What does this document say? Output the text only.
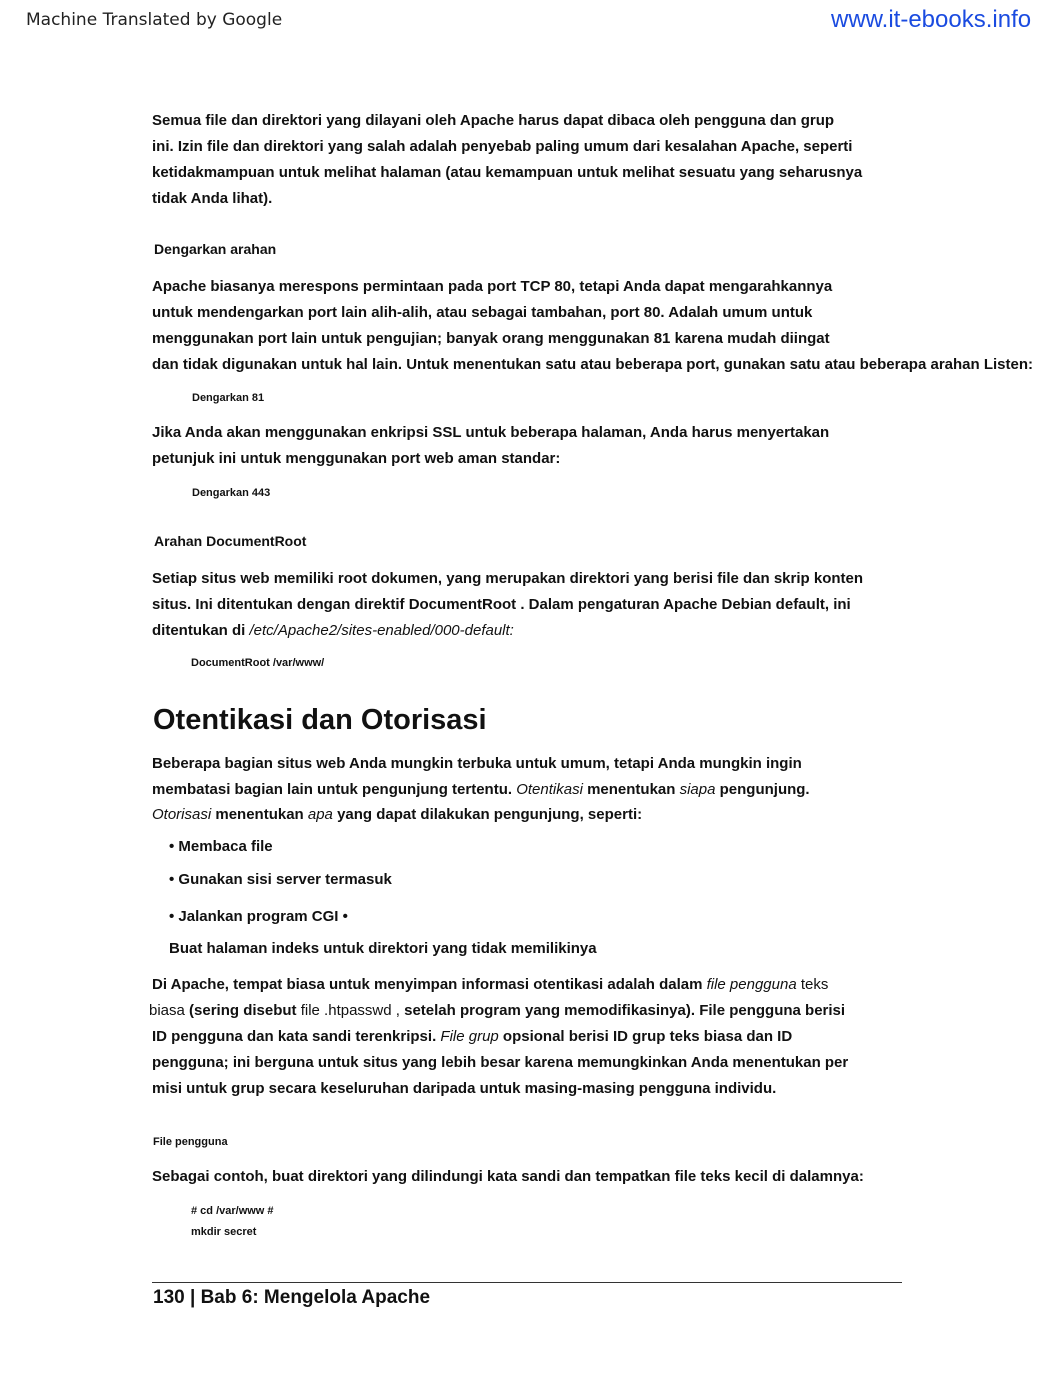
Machine Translated by Google	www.it-ebooks.info
Semua file dan direktori yang dilayani oleh Apache harus dapat dibaca oleh pengguna dan grup
ini. Izin file dan direktori yang salah adalah penyebab paling umum dari kesalahan Apache, seperti
ketidakmampuan untuk melihat halaman (atau kemampuan untuk melihat sesuatu yang seharusnya
tidak Anda lihat).
Dengarkan arahan
Apache biasanya merespons permintaan pada port TCP 80, tetapi Anda dapat mengarahkannya
untuk mendengarkan port lain alih-alih, atau sebagai tambahan, port 80. Adalah umum untuk
menggunakan port lain untuk pengujian; banyak orang menggunakan 81 karena mudah diingat
dan tidak digunakan untuk hal lain. Untuk menentukan satu atau beberapa port, gunakan satu atau beberapa arahan Listen:
Dengarkan 81
Jika Anda akan menggunakan enkripsi SSL untuk beberapa halaman, Anda harus menyertakan
petunjuk ini untuk menggunakan port web aman standar:
Dengarkan 443
Arahan DocumentRoot
Setiap situs web memiliki root dokumen, yang merupakan direktori yang berisi file dan skrip konten
situs. Ini ditentukan dengan direktif DocumentRoot . Dalam pengaturan Apache Debian default, ini
ditentukan di /etc/Apache2/sites-enabled/000-default:
DocumentRoot /var/www/
Otentikasi dan Otorisasi
Beberapa bagian situs web Anda mungkin terbuka untuk umum, tetapi Anda mungkin ingin
membatasi bagian lain untuk pengunjung tertentu. Otentikasi menentukan siapa pengunjung.
Otorisasi menentukan apa yang dapat dilakukan pengunjung, seperti:
• Membaca file
• Gunakan sisi server termasuk
• Jalankan program CGI •
Buat halaman indeks untuk direktori yang tidak memilikinya
Di Apache, tempat biasa untuk menyimpan informasi otentikasi adalah dalam file pengguna teks
biasa (sering disebut file .htpasswd , setelah program yang memodifikasinya). File pengguna berisi
ID pengguna dan kata sandi terenkripsi. File grup opsional berisi ID grup teks biasa dan ID
pengguna; ini berguna untuk situs yang lebih besar karena memungkinkan Anda menentukan per
misi untuk grup secara keseluruhan daripada untuk masing-masing pengguna individu.
File pengguna
Sebagai contoh, buat direktori yang dilindungi kata sandi dan tempatkan file teks kecil di dalamnya:
# cd /var/www #
mkdir secret
130 | Bab 6: Mengelola Apache
